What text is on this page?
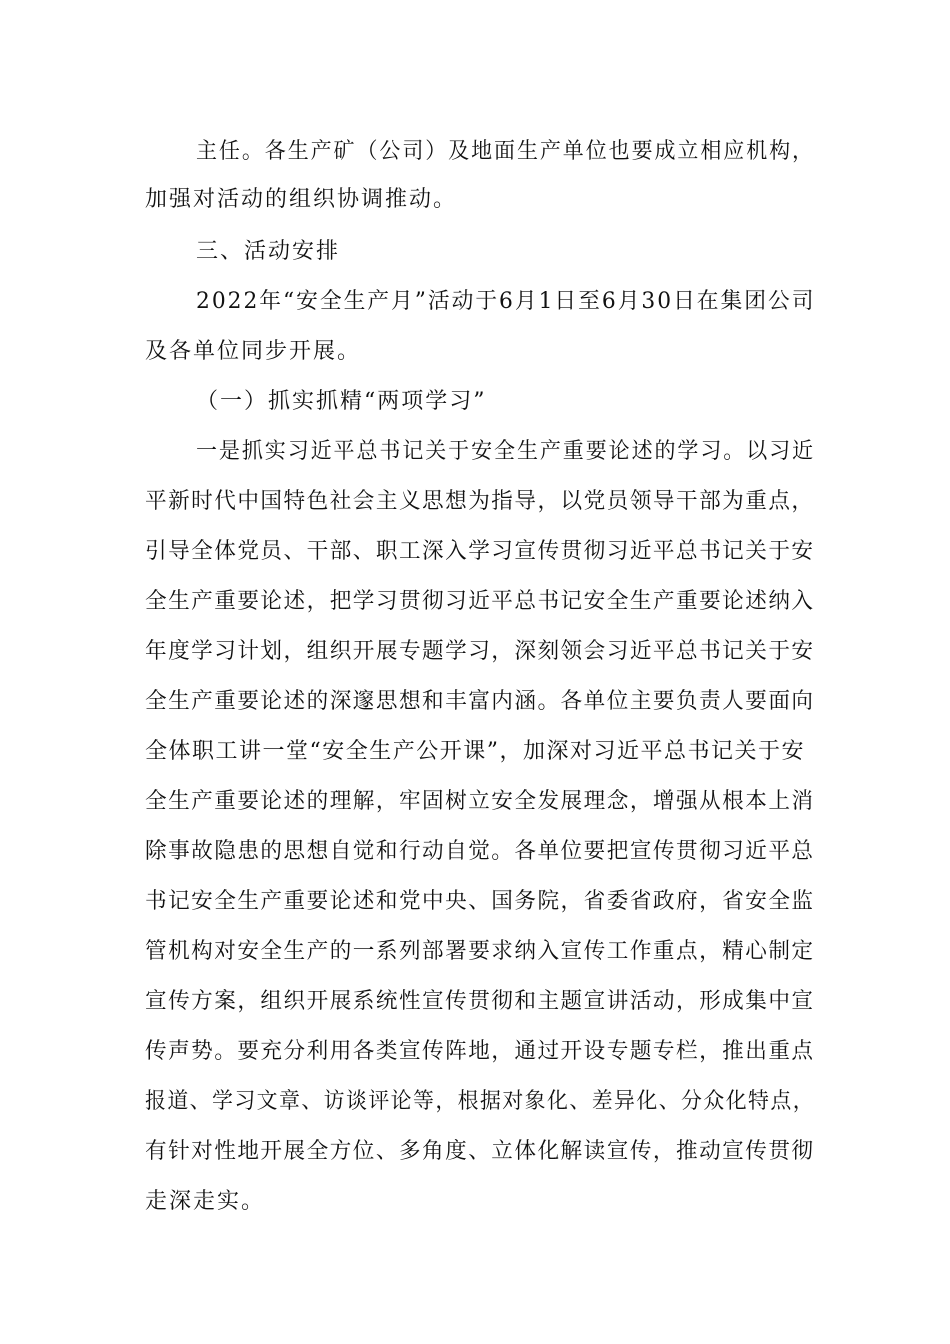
主任。各生产矿（公司）及地面生产单位也要成立相应机构，
加强对活动的组织协调推动。
三、活动安排
2022年“安全生产月”活动于6月1日至6月30日在集团公司
及各单位同步开展。
（一）抓实抓精“两项学习”
一是抓实习近平总书记关于安全生产重要论述的学习。以习近
平新时代中国特色社会主义思想为指导，以党员领导干部为重点，
引导全体党员、干部、职工深入学习宣传贯彻习近平总书记关于安
全生产重要论述，把学习贯彻习近平总书记安全生产重要论述纳入
年度学习计划，组织开展专题学习，深刻领会习近平总书记关于安
全生产重要论述的深邃思想和丰富内涵。各单位主要负责人要面向
全体职工讲一堂“安全生产公开课”，加深对习近平总书记关于安
全生产重要论述的理解，牢固树立安全发展理念，增强从根本上消
除事故隐患的思想自觉和行动自觉。各单位要把宣传贯彻习近平总
书记安全生产重要论述和党中央、国务院，省委省政府，省安全监
管机构对安全生产的一系列部署要求纳入宣传工作重点，精心制定
宣传方案，组织开展系统性宣传贯彻和主题宣讲活动，形成集中宣
传声势。要充分利用各类宣传阵地，通过开设专题专栏，推出重点
报道、学习文章、访谈评论等，根据对象化、差异化、分众化特点，
有针对性地开展全方位、多角度、立体化解读宣传，推动宣传贯彻
走深走实。
